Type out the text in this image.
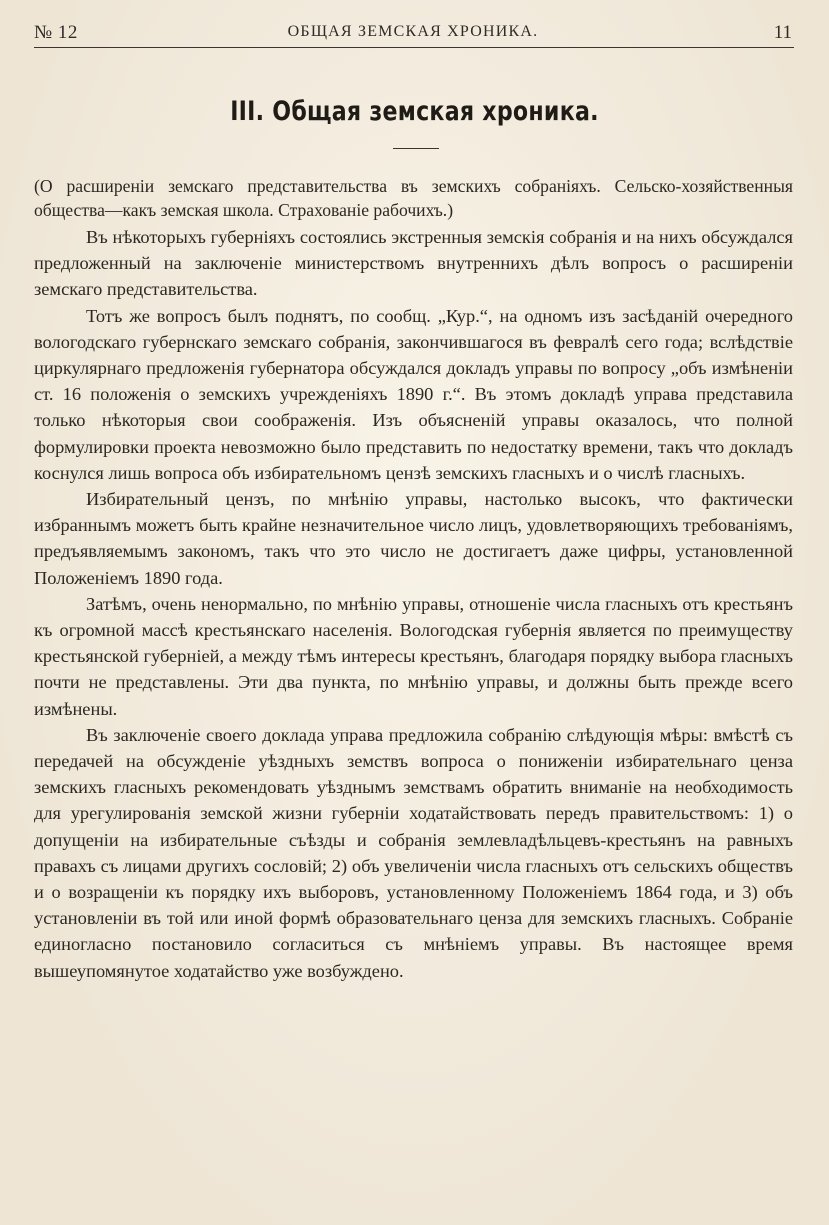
№ 12	ОБЩАЯ ЗЕМСКАЯ ХРОНИКА.	11
III. Общая земская хроника.

(О расширеніи земскаго представительства въ земскихъ собраніяхъ. Сельско-хозяйственныя общества—какъ земская школа. Страхованіе рабочихъ.)

Въ нѣкоторыхъ губерніяхъ состоялись экстренныя земскія собранія и на нихъ обсуждался предложенный на заключеніе министерствомъ внутреннихъ дѣлъ вопросъ о расширеніи земскаго представительства.

Тотъ же вопросъ былъ поднятъ, по сообщ. „Кур.“, на одномъ изъ засѣданій очередного вологодскаго губернскаго земскаго собранія, закончившагося въ февралѣ сего года; вслѣдствіе циркулярнаго предложенія губернатора обсуждался докладъ управы по вопросу „объ измѣненіи ст. 16 положенія о земскихъ учрежденіяхъ 1890 г.“. Въ этомъ докладѣ управа представила только нѣкоторыя свои соображенія. Изъ объясненій управы оказалось, что полной формулировки проекта невозможно было представить по недостатку времени, такъ что докладъ коснулся лишь вопроса объ избирательномъ цензѣ земскихъ гласныхъ и о числѣ гласныхъ.

Избирательный цензъ, по мнѣнію управы, настолько высокъ, что фактически избраннымъ можетъ быть крайне незначительное число лицъ, удовлетворяющихъ требованіямъ, предъявляемымъ закономъ, такъ что это число не достигаетъ даже цифры, установленной Положеніемъ 1890 года.

Затѣмъ, очень ненормально, по мнѣнію управы, отношеніе числа гласныхъ отъ крестьянъ къ огромной массѣ крестьянскаго населенія. Вологодская губернія является по преимуществу крестьянской губерніей, а между тѣмъ интересы крестьянъ, благодаря порядку выбора гласныхъ почти не представлены. Эти два пункта, по мнѣнію управы, и должны быть прежде всего измѣнены.

Въ заключеніе своего доклада управа предложила собранію слѣдующія мѣры: вмѣстѣ съ передачей на обсужденіе уѣздныхъ земствъ вопроса о пониженіи избирательнаго ценза земскихъ гласныхъ рекомендовать уѣзднымъ земствамъ обратить вниманіе на необходимость для урегулированія земской жизни губерніи ходатайствовать передъ правительствомъ: 1) о допущеніи на избирательные съѣзды и собранія землевладѣльцевъ-крестьянъ на равныхъ правахъ съ лицами другихъ сословій; 2) объ увеличеніи числа гласныхъ отъ сельскихъ обществъ и о возращеніи къ порядку ихъ выборовъ, установленному Положеніемъ 1864 года, и 3) объ установленіи въ той или иной формѣ образовательнаго ценза для земскихъ гласныхъ. Собраніе единогласно постановило согласиться съ мнѣніемъ управы. Въ настоящее время вышеупомянутое ходатайство уже возбуждено.
